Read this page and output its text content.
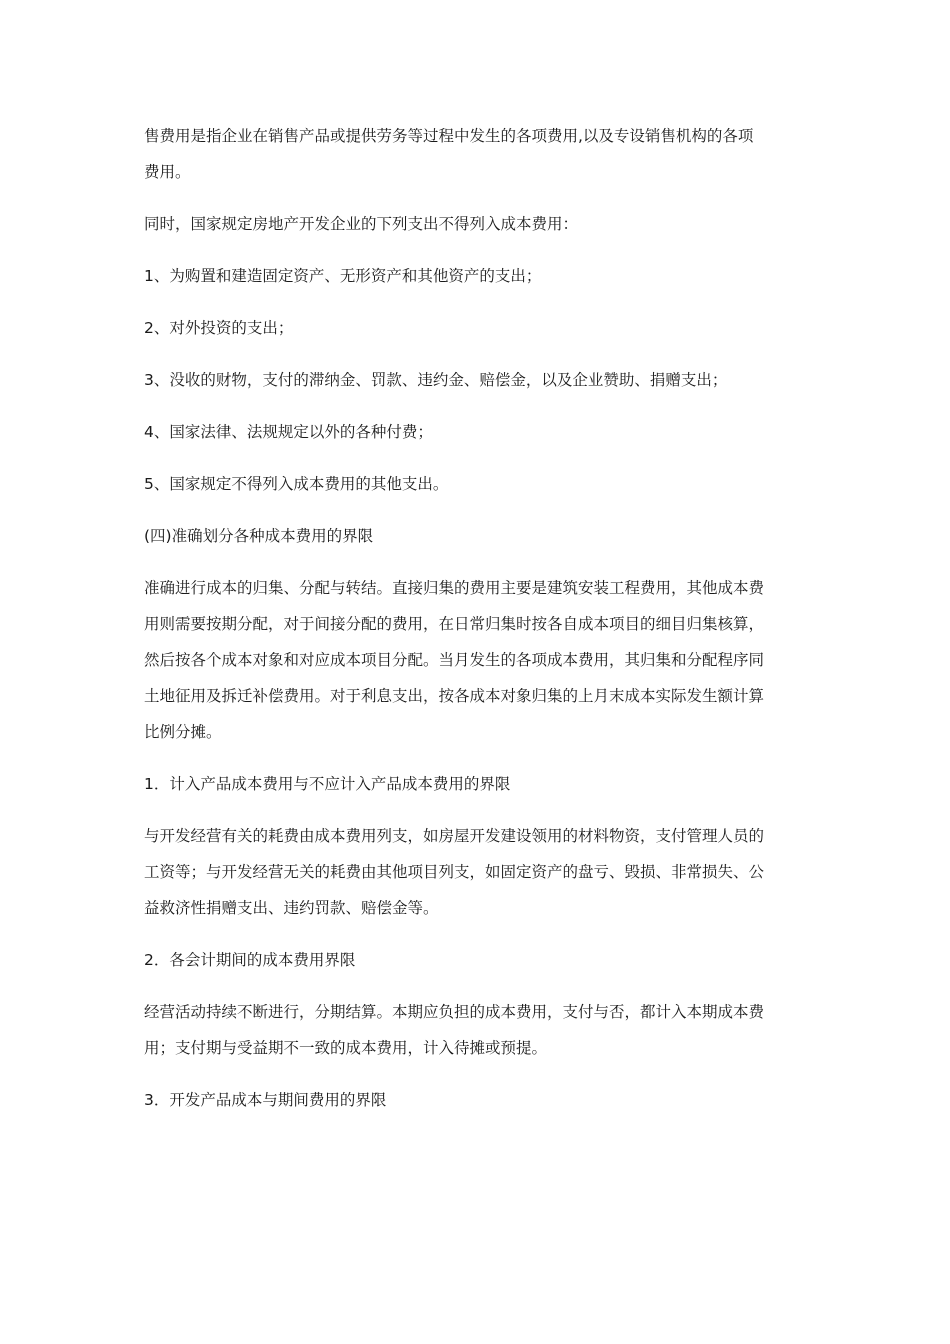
售费用是指企业在销售产品或提供劳务等过程中发生的各项费用,以及专设销售机构的各项
费用。

同时，国家规定房地产开发企业的下列支出不得列入成本费用：

1、为购置和建造固定资产、无形资产和其他资产的支出；

2、对外投资的支出；

3、没收的财物，支付的滞纳金、罚款、违约金、赔偿金，以及企业赞助、捐赠支出；

4、国家法律、法规规定以外的各种付费；

5、国家规定不得列入成本费用的其他支出。

(四)准确划分各种成本费用的界限

准确进行成本的归集、分配与转结。直接归集的费用主要是建筑安装工程费用，其他成本费
用则需要按期分配，对于间接分配的费用，在日常归集时按各自成本项目的细目归集核算，
然后按各个成本对象和对应成本项目分配。当月发生的各项成本费用，其归集和分配程序同
土地征用及拆迁补偿费用。对于利息支出，按各成本对象归集的上月末成本实际发生额计算
比例分摊。

1．计入产品成本费用与不应计入产品成本费用的界限

与开发经营有关的耗费由成本费用列支，如房屋开发建设领用的材料物资，支付管理人员的
工资等；与开发经营无关的耗费由其他项目列支，如固定资产的盘亏、毁损、非常损失、公
益救济性捐赠支出、违约罚款、赔偿金等。

2．各会计期间的成本费用界限

经营活动持续不断进行，分期结算。本期应负担的成本费用，支付与否，都计入本期成本费
用；支付期与受益期不一致的成本费用，计入待摊或预提。

3．开发产品成本与期间费用的界限
